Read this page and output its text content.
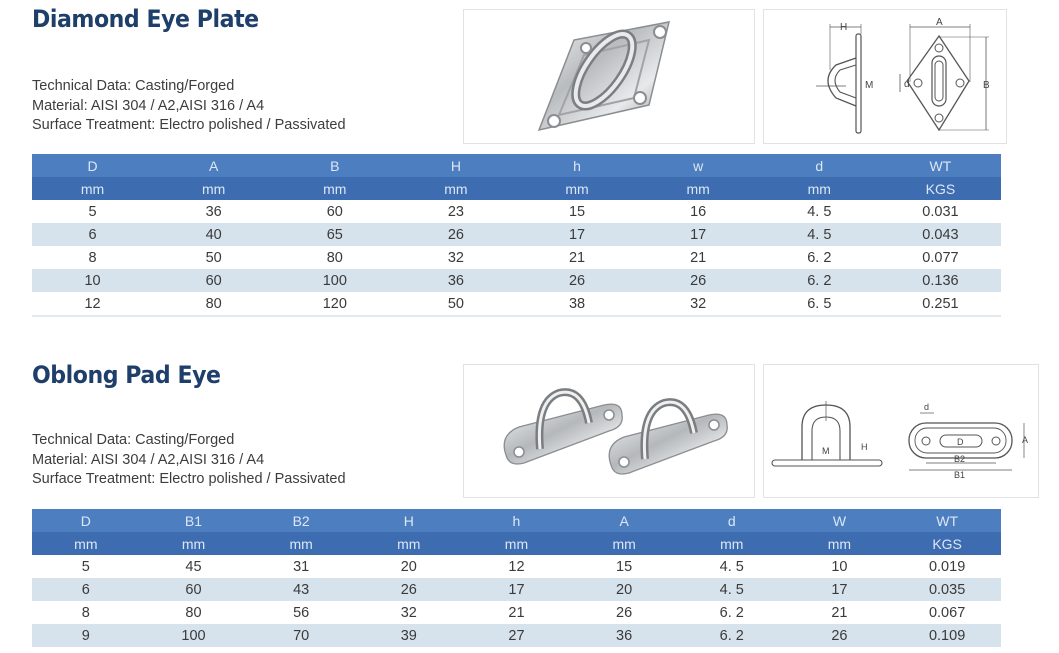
Diamond Eye Plate
Technical Data: Casting/Forged
Material: AISI 304 / A2,AISI 316 / A4
Surface Treatment: Electro polished / Passivated
H
M
A
B
d
D	A	B	H	h	w	d	WT
mm	mm	mm	mm	mm	mm	mm	KGS
5	36	60	23	15	16	4. 5	0.031
6	40	65	26	17	17	4. 5	0.043
8	50	80	32	21	21	6. 2	0.077
10	60	100	36	26	26	6. 2	0.136
12	80	120	50	38	32	6. 5	0.251
Oblong Pad Eye
Technical Data: Casting/Forged
Material: AISI 304 / A2,AISI 316 / A4
Surface Treatment: Electro polished / Passivated
M	H	D	A
B2
B1
d
D	B1	B2	H	h	A	d	W	WT
mm	mm	mm	mm	mm	mm	mm	mm	KGS
5	45	31	20	12	15	4. 5	10	0.019
6	60	43	26	17	20	4. 5	17	0.035
8	80	56	32	21	26	6. 2	21	0.067
9	100	70	39	27	36	6. 2	26	0.109
